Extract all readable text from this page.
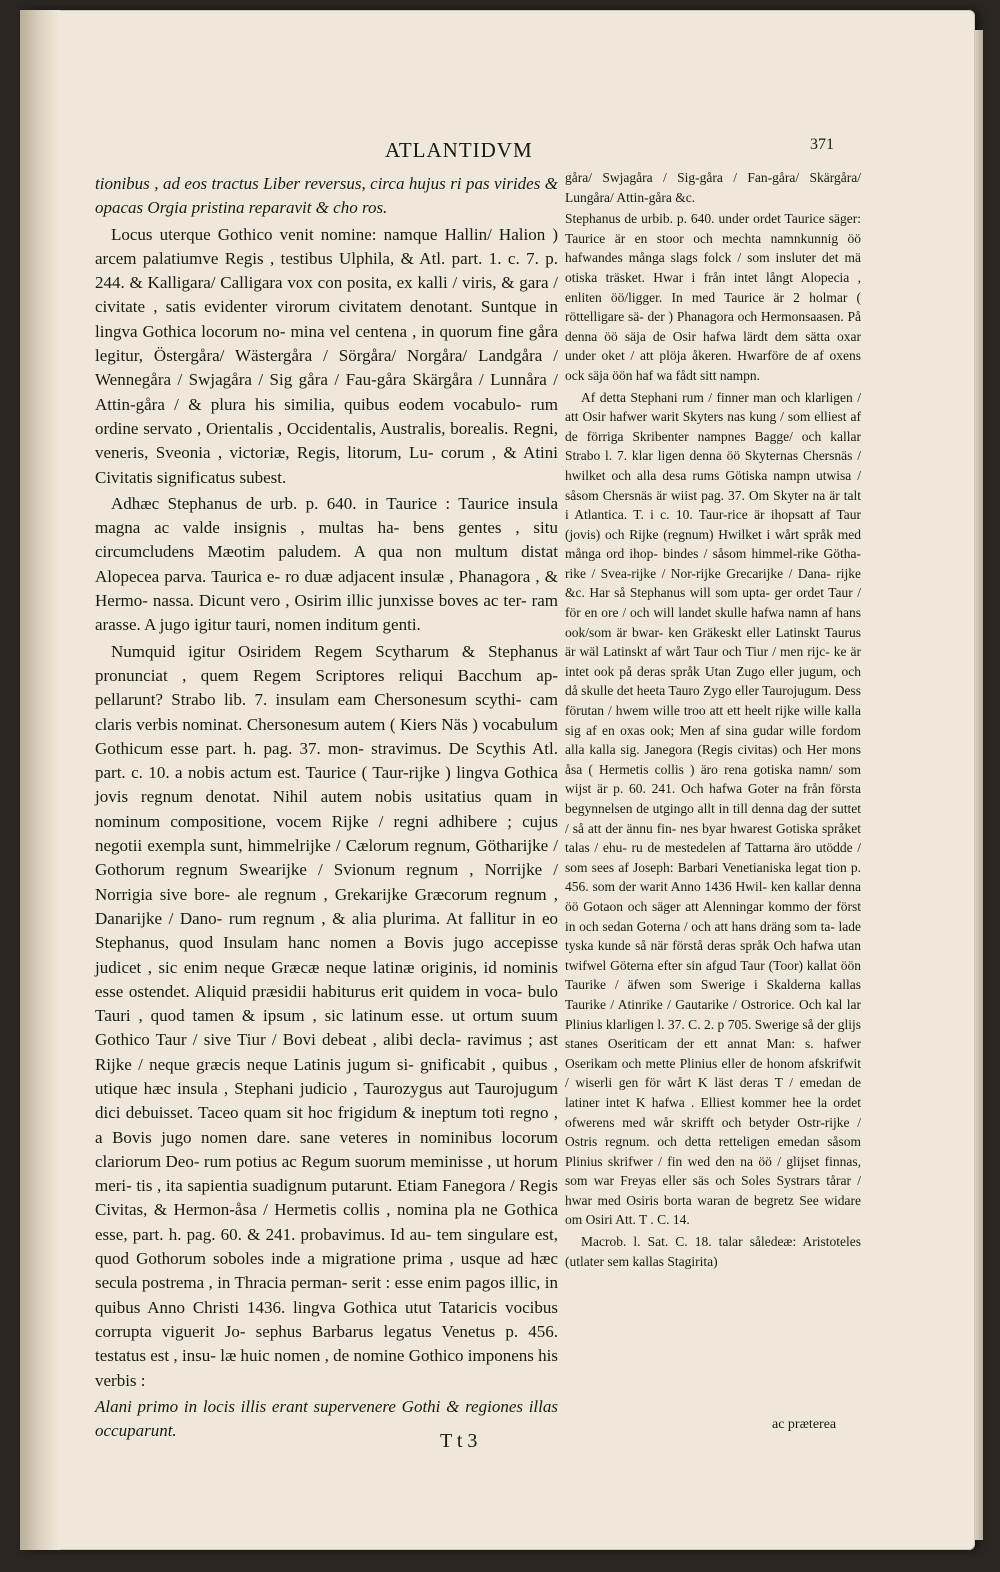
ATLANTIDVM	371

tionibus , ad eos tractus Liber reversus, circa hujus ri pas virides & opacas Orgia pristina reparavit & cho ros.

Locus uterque Gothico venit nomine: namque Hallin/ Halion ) arcem palatiumve Regis , testibus Ulphila, & Atl. part. 1. c. 7. p. 244. & Kalligara/ Calligara vox con posita, ex kalli / viris, & gara / civitate , satis evidenter virorum civitatem denotant. Suntque in lingva Gothica locorum no- mina vel centena , in quorum fine gåra legitur, Östergåra/ Wästergåra / Sörgåra/ Norgåra/ Landgåra / Wennegåra / Swjagåra / Sig gåra / Fau-gåra Skärgåra / Lunnåra / Attin-gåra / & plura his similia, quibus eodem vocabulo- rum ordine servato , Orientalis , Occidentalis, Australis, borealis. Regni, veneris, Sveonia , victoriæ, Regis, litorum, Lu- corum , & Atini Civitatis significatus subest.

Adhæc Stephanus de urb. p. 640. in Taurice : Taurice insula magna ac valde insignis , multas ha- bens gentes , situ circumcludens Mæotim paludem. A qua non multum distat Alopecea parva. Taurica e- ro duæ adjacent insulæ , Phanagora , & Hermo- nassa. Dicunt vero , Osirim illic junxisse boves ac ter- ram arasse. A jugo igitur tauri, nomen inditum genti.

Numquid igitur Osiridem Regem Scytharum & Stephanus pronunciat , quem Regem Scriptores reliqui Bacchum ap- pellarunt? Strabo lib. 7. insulam eam Chersonesum scythi- cam claris verbis nominat. Chersonesum autem ( Kiers Näs ) vocabulum Gothicum esse part. h. pag. 37. mon- stravimus. De Scythis Atl. part. c. 10. a nobis actum est. Taurice ( Taur-rijke ) lingva Gothica jovis regnum denotat. Nihil autem nobis usitatius quam in nominum compositione, vocem Rijke / regni adhibere ; cujus negotii exempla sunt, himmelrijke / Cælorum regnum, Götharijke / Gothorum regnum Swearijke / Svionum regnum , Norrijke / Norrigia sive bore- ale regnum , Grekarijke Græcorum regnum , Danarijke / Dano- rum regnum , & alia plurima. At fallitur in eo Stephanus, quod Insulam hanc nomen a Bovis jugo accepisse judicet , sic enim neque Græcæ neque latinæ originis, id nominis esse ostendet. Aliquid præsidii habiturus erit quidem in voca- bulo Tauri , quod tamen & ipsum , sic latinum esse. ut ortum suum Gothico Taur / sive Tiur / Bovi debeat , alibi decla- ravimus ; ast Rijke / neque græcis neque Latinis jugum si- gnificabit , quibus , utique hæc insula , Stephani judicio , Taurozygus aut Taurojugum dici debuisset. Taceo quam sit hoc frigidum & ineptum toti regno , a Bovis jugo nomen dare. sane veteres in nominibus locorum clariorum Deo- rum potius ac Regum suorum meminisse , ut horum meri- tis , ita sapientia suadignum putarunt. Etiam Fanegora / Regis Civitas, & Hermon-åsa / Hermetis collis , nomina pla ne Gothica esse, part. h. pag. 60. & 241. probavimus. Id au- tem singulare est, quod Gothorum soboles inde a migratione prima , usque ad hæc secula postrema , in Thracia perman- serit : esse enim pagos illic, in quibus Anno Christi 1436. lingva Gothica utut Tataricis vocibus corrupta viguerit Jo- sephus Barbarus legatus Venetus p. 456. testatus est , insu- læ huic nomen , de nomine Gothico imponens his verbis :

Alani primo in locis illis erant supervenere Gothi & regiones illas occuparunt.

gåra/ Swjagåra / Sig-gåra / Fan-gåra/ Skärgåra/ Lungåra/ Attin-gåra &c.

Stephanus de urbib. p. 640. under ordet Taurice säger: Taurice är en stoor och mechta namnkunnig öö hafwandes många slags folck / som insluter det mä otiska träsket. Hwar i från intet långt Alopecia , enliten öö/ligger. In med Taurice är 2 holmar ( röttelligare sä- der ) Phanagora och Hermonsaasen. På denna öö säja de Osir hafwa lärdt dem sätta oxar under oket / att plöja åkeren. Hwarföre de af oxens ock säja öön haf wa fådt sitt nampn.

Af detta Stephani rum / finner man och klarligen / att Osir hafwer warit Skyters nas kung / som elliest af de förriga Skribenter nampnes Bagge/ och kallar Strabo l. 7. klar ligen denna öö Skyternas Chersnäs / hwilket och alla desa rums Götiska nampn utwisa / såsom Chersnäs är wiist pag. 37. Om Skyter na är talt i Atlantica. T. i c. 10. Taur-rice är ihopsatt af Taur (jovis) och Rijke (regnum) Hwilket i wårt språk med många ord ihop- bindes / såsom himmel-rike Götha-rike / Svea-rijke / Nor-rijke Grecarijke / Dana- rijke &c. Har så Stephanus will som upta- ger ordet Taur / för en ore / och will landet skulle hafwa namn af hans ook/som är bwar- ken Gräkeskt eller Latinskt Taurus är wäl Latinskt af wårt Taur och Tiur / men rijc- ke är intet ook på deras språk Utan Zugo eller jugum, och då skulle det heeta Tauro Zygo eller Taurojugum. Dess förutan / hwem wille troo att ett heelt rijke wille kalla sig af en oxas ook; Men af sina gudar wille fordom alla kalla sig. Janegora (Regis civitas) och Her mons åsa ( Hermetis collis ) äro rena gotiska namn/ som wijst är p. 60. 241. Och hafwa Goter na från första begynnelsen de utgingo allt in till denna dag der suttet / så att der ännu fin- nes byar hwarest Gotiska språket talas / ehu- ru de mestedelen af Tattarna äro utödde / som sees af Joseph: Barbari Venetianiska legat tion p. 456. som der warit Anno 1436 Hwil- ken kallar denna öö Gotaon och säger att Alenningar kommo der först in och sedan Goterna / och att hans dräng som ta- lade tyska kunde så när förstå deras språk Och hafwa utan twifwel Göterna efter sin afgud Taur (Toor) kallat öön Taurike / äfwen som Swerige i Skalderna kallas Taurike / Atinrike / Gautarike / Ostrorice. Och kal lar Plinius klarligen l. 37. C. 2. p 705. Swerige så der glijs stanes Oseriticam der ett annat Man: s. hafwer Oserikam och mette Plinius eller de honom afskrifwit / wiserli gen för wårt K läst deras T / emedan de latiner intet K hafwa . Elliest kommer hee la ordet ofwerens med wår skrifft och betyder Ostr-rijke / Ostris regnum. och detta retteligen emedan såsom Plinius skrifwer / fin wed den na öö / glijset finnas, som war Freyas eller säs och Soles Systrars tårar / hwar med Osiris borta waran de begretz See widare om Osiri Att. T . C. 14.

Macrob. l. Sat. C. 18. talar såledeæ: Aristoteles (utlater sem kallas Stagirita)

T t 3
ac præterea
